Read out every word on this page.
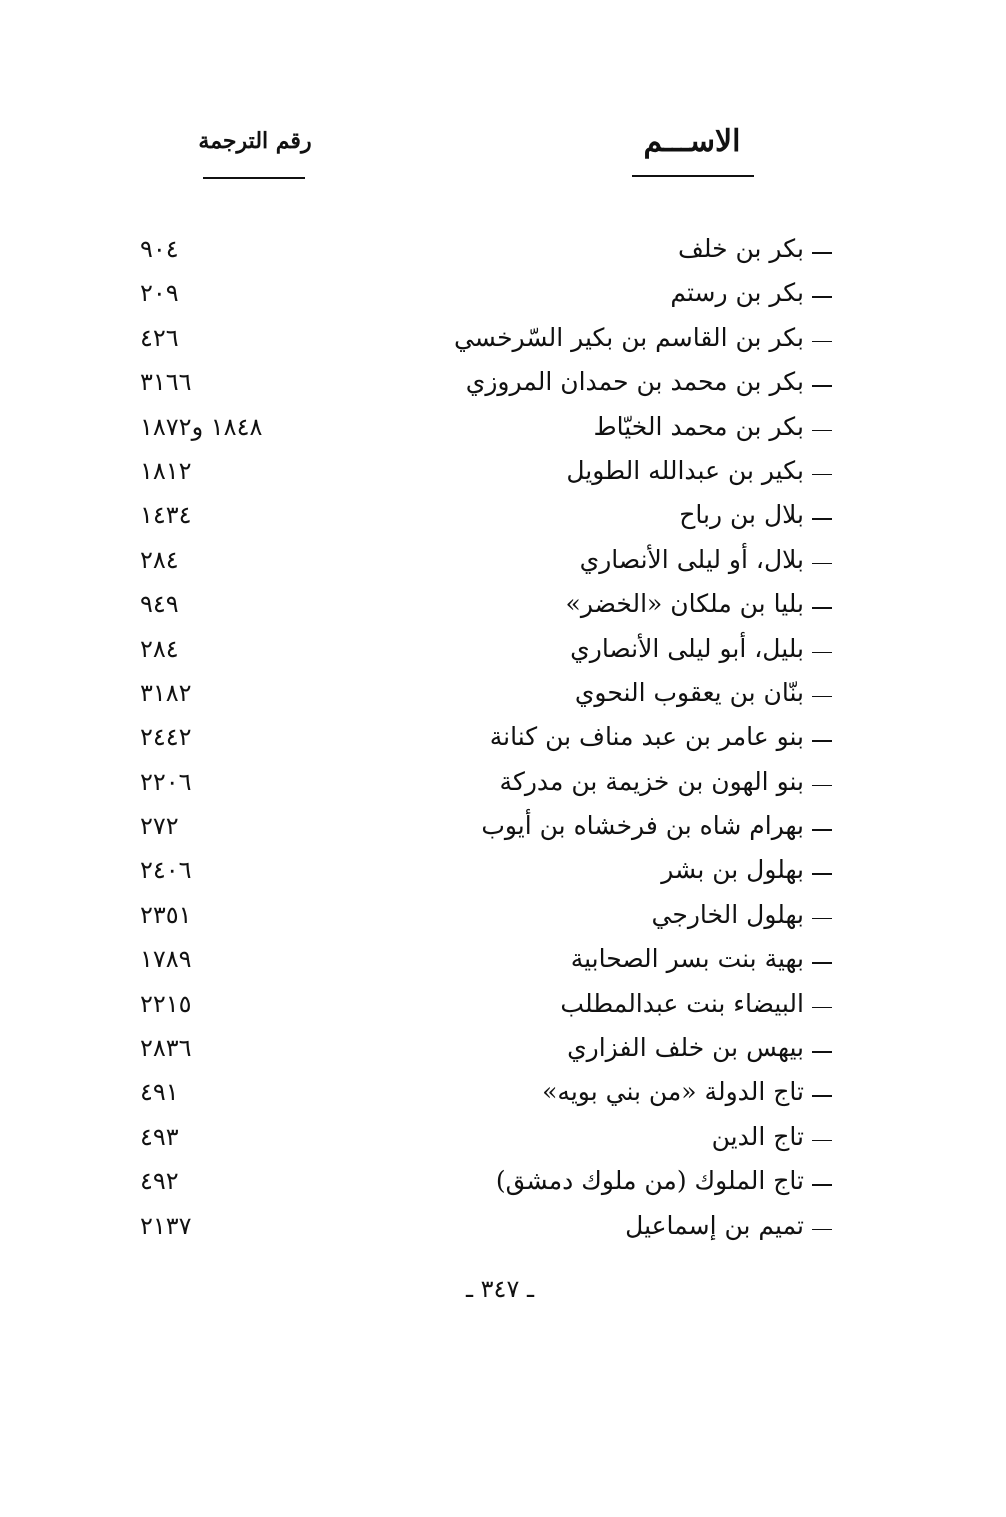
الاســـم
رقم الترجمة
بكر بن خلف
٩٠٤
بكر بن رستم
٢٠٩
بكر بن القاسم بن بكير السّرخسي
٤٢٦
بكر بن محمد بن حمدان المروزي
٣١٦٦
بكر بن محمد الخيّاط
١٨٤٨ و١٨٧٢
بكير بن عبدالله الطويل
١٨١٢
بلال بن رباح
١٤٣٤
بلال، أو ليلى الأنصاري
٢٨٤
بليا بن ملكان «الخضر»
٩٤٩
بليل، أبو ليلى الأنصاري
٢٨٤
بنّان بن يعقوب النحوي
٣١٨٢
بنو عامر بن عبد مناف بن كنانة
٢٤٤٢
بنو الهون بن خزيمة بن مدركة
٢٢٠٦
بهرام شاه بن فرخشاه بن أيوب
٢٧٢
بهلول بن بشر
٢٤٠٦
بهلول الخارجي
٢٣٥١
بهية بنت بسر الصحابية
١٧٨٩
البيضاء بنت عبدالمطلب
٢٢١٥
بيهس بن خلف الفزاري
٢٨٣٦
تاج الدولة «من بني بويه»
٤٩١
تاج الدين
٤٩٣
تاج الملوك (من ملوك دمشق)
٤٩٢
تميم بن إسماعيل
٢١٣٧
ـ ٣٤٧ ـ
